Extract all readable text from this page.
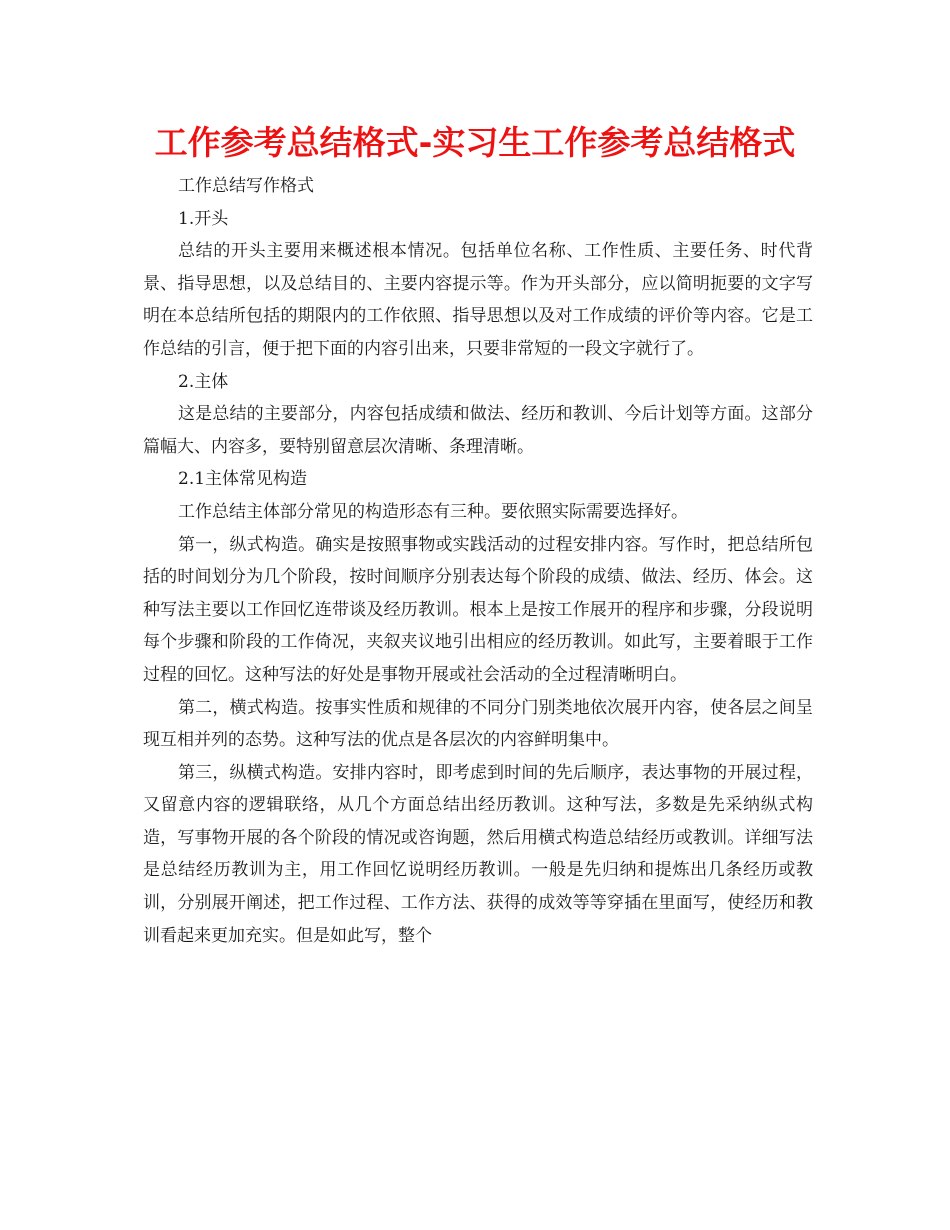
工作参考总结格式-实习生工作参考总结格式

工作总结写作格式

1.开头

总结的开头主要用来概述根本情况。包括单位名称、工作性质、主要任务、时代背景、指导思想，以及总结目的、主要内容提示等。作为开头部分，应以简明扼要的文字写明在本总结所包括的期限内的工作依照、指导思想以及对工作成绩的评价等内容。它是工作总结的引言，便于把下面的内容引出来，只要非常短的一段文字就行了。

2.主体

这是总结的主要部分，内容包括成绩和做法、经历和教训、今后计划等方面。这部分篇幅大、内容多，要特别留意层次清晰、条理清晰。

2.1主体常见构造

工作总结主体部分常见的构造形态有三种。要依照实际需要选择好。

第一，纵式构造。确实是按照事物或实践活动的过程安排内容。写作时，把总结所包括的时间划分为几个阶段，按时间顺序分别表达每个阶段的成绩、做法、经历、体会。这种写法主要以工作回忆连带谈及经历教训。根本上是按工作展开的程序和步骤，分段说明每个步骤和阶段的工作倚况，夹叙夹议地引出相应的经历教训。如此写，主要着眼于工作过程的回忆。这种写法的好处是事物开展或社会活动的全过程清晰明白。

第二，横式构造。按事实性质和规律的不同分门别类地依次展开内容，使各层之间呈现互相并列的态势。这种写法的优点是各层次的内容鲜明集中。

第三，纵横式构造。安排内容时，即考虑到时间的先后顺序，表达事物的开展过程，又留意内容的逻辑联络，从几个方面总结出经历教训。这种写法，多数是先采纳纵式构造，写事物开展的各个阶段的情况或咨询题，然后用横式构造总结经历或教训。详细写法是总结经历教训为主，用工作回忆说明经历教训。一般是先归纳和提炼出几条经历或教训，分别展开阐述，把工作过程、工作方法、获得的成效等等穿插在里面写，使经历和教训看起来更加充实。但是如此写，整个
